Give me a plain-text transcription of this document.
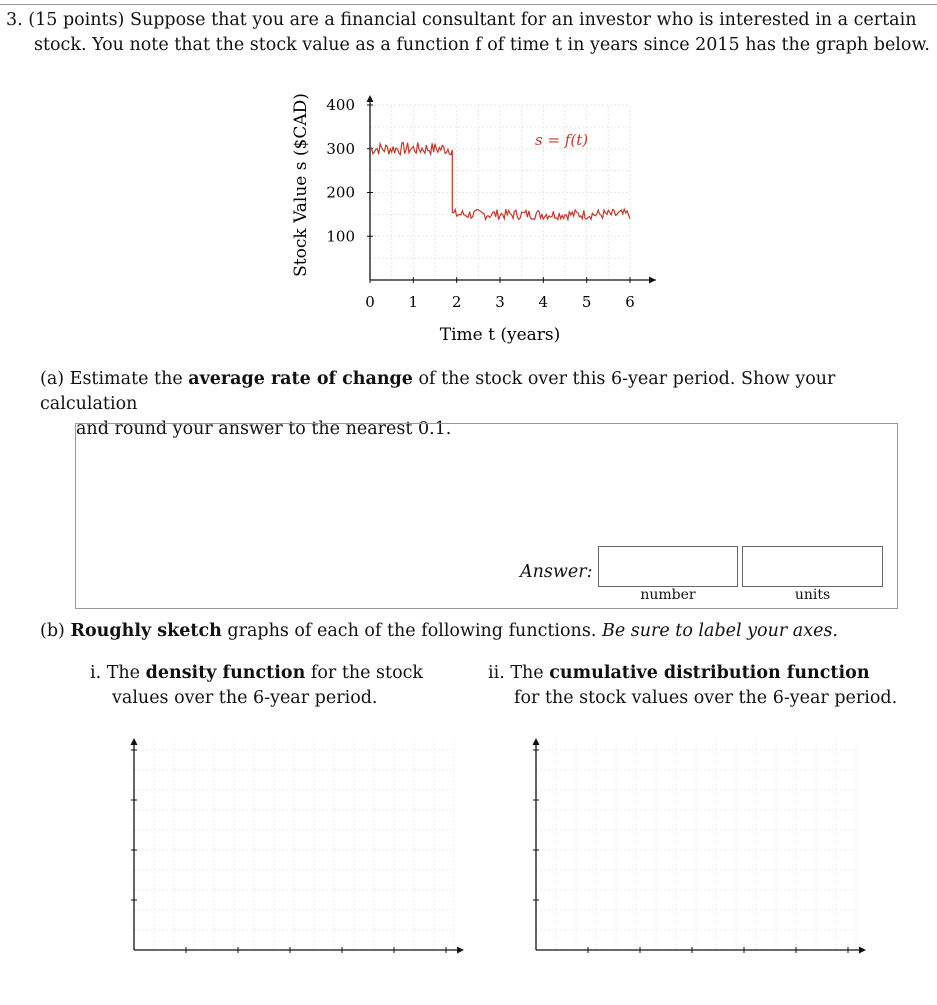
3. (15 points) Suppose that you are a financial consultant for an investor who is interested in a certain
stock. You note that the stock value as a function f of time t in years since 2015 has the graph below.
0 1 2 3 4 5 6
100
200
300
400
s = f(t)
Time t (years)
Stock Value s ($CAD)
(a) Estimate the average rate of change of the stock over this 6-year period. Show your calculation
and round your answer to the nearest 0.1.
Answer:
number	units
(b) Roughly sketch graphs of each of the following functions. Be sure to label your axes.
i. The density function for the stock
values over the 6-year period.
ii. The cumulative distribution function
for the stock values over the 6-year period.
